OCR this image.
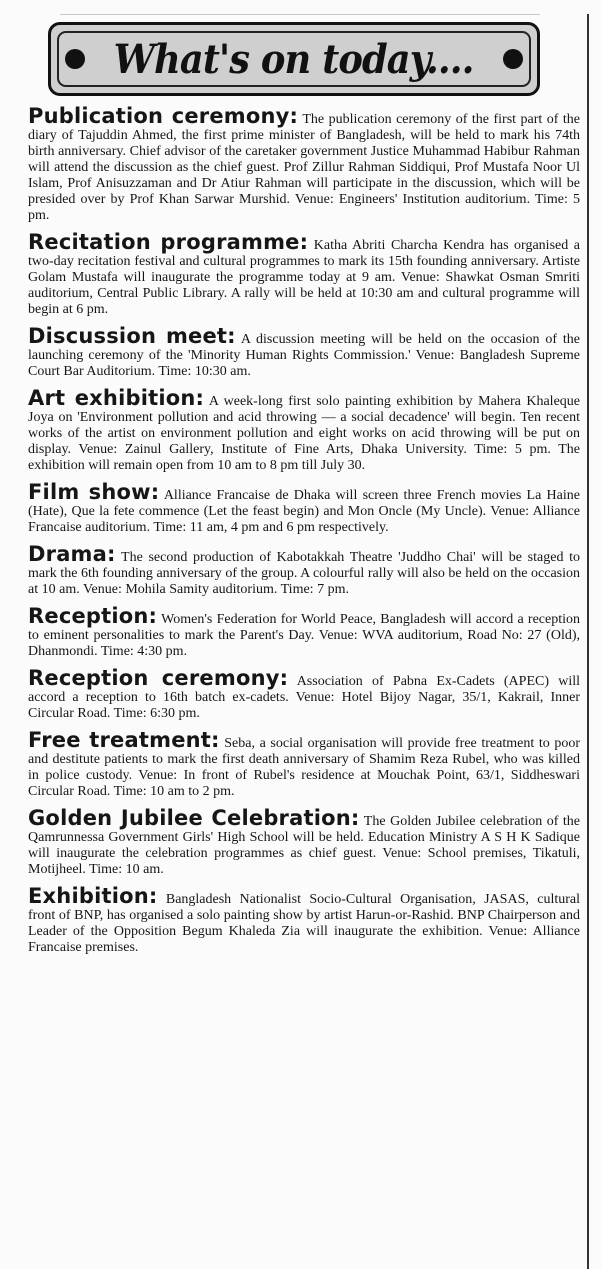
What's on today....

Publication ceremony: The publication ceremony of the first part of the diary of Tajuddin Ahmed, the first prime minister of Bangladesh, will be held to mark his 74th birth anniversary. Chief advisor of the caretaker government Justice Muhammad Habibur Rahman will attend the discussion as the chief guest. Prof Zillur Rahman Siddiqui, Prof Mustafa Noor Ul Islam, Prof Anisuzzaman and Dr Atiur Rahman will participate in the discussion, which will be presided over by Prof Khan Sarwar Murshid. Venue: Engineers' Institution auditorium. Time: 5 pm.

Recitation programme: Katha Abriti Charcha Kendra has organised a two-day recitation festival and cultural programmes to mark its 15th founding anniversary. Artiste Golam Mustafa will inaugurate the programme today at 9 am. Venue: Shawkat Osman Smriti auditorium, Central Public Library. A rally will be held at 10:30 am and cultural programme will begin at 6 pm.

Discussion meet: A discussion meeting will be held on the occasion of the launching ceremony of the 'Minority Human Rights Commission.' Venue: Bangladesh Supreme Court Bar Auditorium. Time: 10:30 am.

Art exhibition: A week-long first solo painting exhibition by Mahera Khaleque Joya on 'Environment pollution and acid throwing — a social decadence' will begin. Ten recent works of the artist on environment pollution and eight works on acid throwing will be put on display. Venue: Zainul Gallery, Institute of Fine Arts, Dhaka University. Time: 5 pm. The exhibition will remain open from 10 am to 8 pm till July 30.

Film show: Alliance Francaise de Dhaka will screen three French movies La Haine (Hate), Que la fete commence (Let the feast begin) and Mon Oncle (My Uncle). Venue: Alliance Francaise auditorium. Time: 11 am, 4 pm and 6 pm respectively.

Drama: The second production of Kabotakkah Theatre 'Juddho Chai' will be staged to mark the 6th founding anniversary of the group. A colourful rally will also be held on the occasion at 10 am. Venue: Mohila Samity auditorium. Time: 7 pm.

Reception: Women's Federation for World Peace, Bangladesh will accord a reception to eminent personalities to mark the Parent's Day. Venue: WVA auditorium, Road No: 27 (Old), Dhanmondi. Time: 4:30 pm.

Reception ceremony: Association of Pabna Ex-Cadets (APEC) will accord a reception to 16th batch ex-cadets. Venue: Hotel Bijoy Nagar, 35/1, Kakrail, Inner Circular Road. Time: 6:30 pm.

Free treatment: Seba, a social organisation will provide free treatment to poor and destitute patients to mark the first death anniversary of Shamim Reza Rubel, who was killed in police custody. Venue: In front of Rubel's residence at Mouchak Point, 63/1, Siddheswari Circular Road. Time: 10 am to 2 pm.

Golden Jubilee Celebration: The Golden Jubilee celebration of the Qamrunnessa Government Girls' High School will be held. Education Ministry A S H K Sadique will inaugurate the celebration programmes as chief guest. Venue: School premises, Tikatuli, Motijheel. Time: 10 am.

Exhibition: Bangladesh Nationalist Socio-Cultural Organisation, JASAS, cultural front of BNP, has organised a solo painting show by artist Harun-or-Rashid. BNP Chairperson and Leader of the Opposition Begum Khaleda Zia will inaugurate the exhibition. Venue: Alliance Francaise premises.
